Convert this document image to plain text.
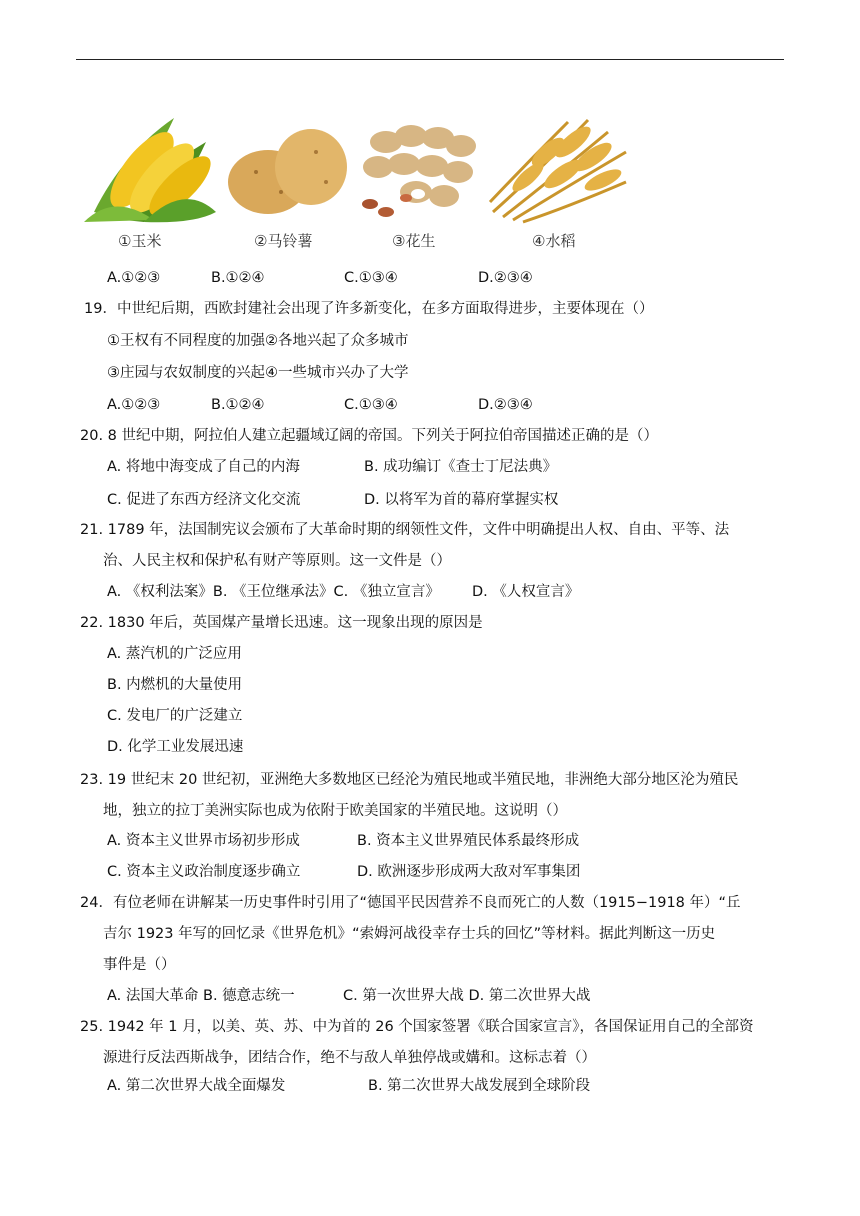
①玉米	②马铃薯	③花生	④水稻
A.①②③	B.①②④	C.①③④	D.②③④
19．中世纪后期，西欧封建社会出现了许多新变化，在多方面取得进步，主要体现在（）
①王权有不同程度的加强②各地兴起了众多城市
③庄园与农奴制度的兴起④一些城市兴办了大学
A.①②③	B.①②④	C.①③④	D.②③④
20. 8 世纪中期，阿拉伯人建立起疆域辽阔的帝国。下列关于阿拉伯帝国描述正确的是（）
A. 将地中海变成了自己的内海	B. 成功编订《查士丁尼法典》
C. 促进了东西方经济文化交流	D. 以将军为首的幕府掌握实权
21. 1789 年，法国制宪议会颁布了大革命时期的纲领性文件，文件中明确提出人权、自由、平等、法
治、人民主权和保护私有财产等原则。这一文件是（）
A. 《权利法案》B. 《王位继承法》C. 《独立宣言》 D. 《人权宣言》
22. 1830 年后，英国煤产量增长迅速。这一现象出现的原因是
A. 蒸汽机的广泛应用
B. 内燃机的大量使用
C. 发电厂的广泛建立
D. 化学工业发展迅速
23. 19 世纪末 20 世纪初，亚洲绝大多数地区已经沦为殖民地或半殖民地，非洲绝大部分地区沦为殖民
地，独立的拉丁美洲实际也成为依附于欧美国家的半殖民地。这说明（）
A. 资本主义世界市场初步形成	B. 资本主义世界殖民体系最终形成
C. 资本主义政治制度逐步确立	D. 欧洲逐步形成两大敌对军事集团
24．有位老师在讲解某一历史事件时引用了“德国平民因营养不良而死亡的人数（1915−1918 年）“丘
吉尔 1923 年写的回忆录《世界危机》“索姆河战役幸存士兵的回忆”等材料。据此判断这一历史
事件是（）
A. 法国大革命 B. 德意志统一	C. 第一次世界大战 D. 第二次世界大战
25. 1942 年 1 月，以美、英、苏、中为首的 26 个国家签署《联合国家宣言》，各国保证用自己的全部资
源进行反法西斯战争，团结合作，绝不与敌人单独停战或媾和。这标志着（）
A. 第二次世界大战全面爆发	B. 第二次世界大战发展到全球阶段
